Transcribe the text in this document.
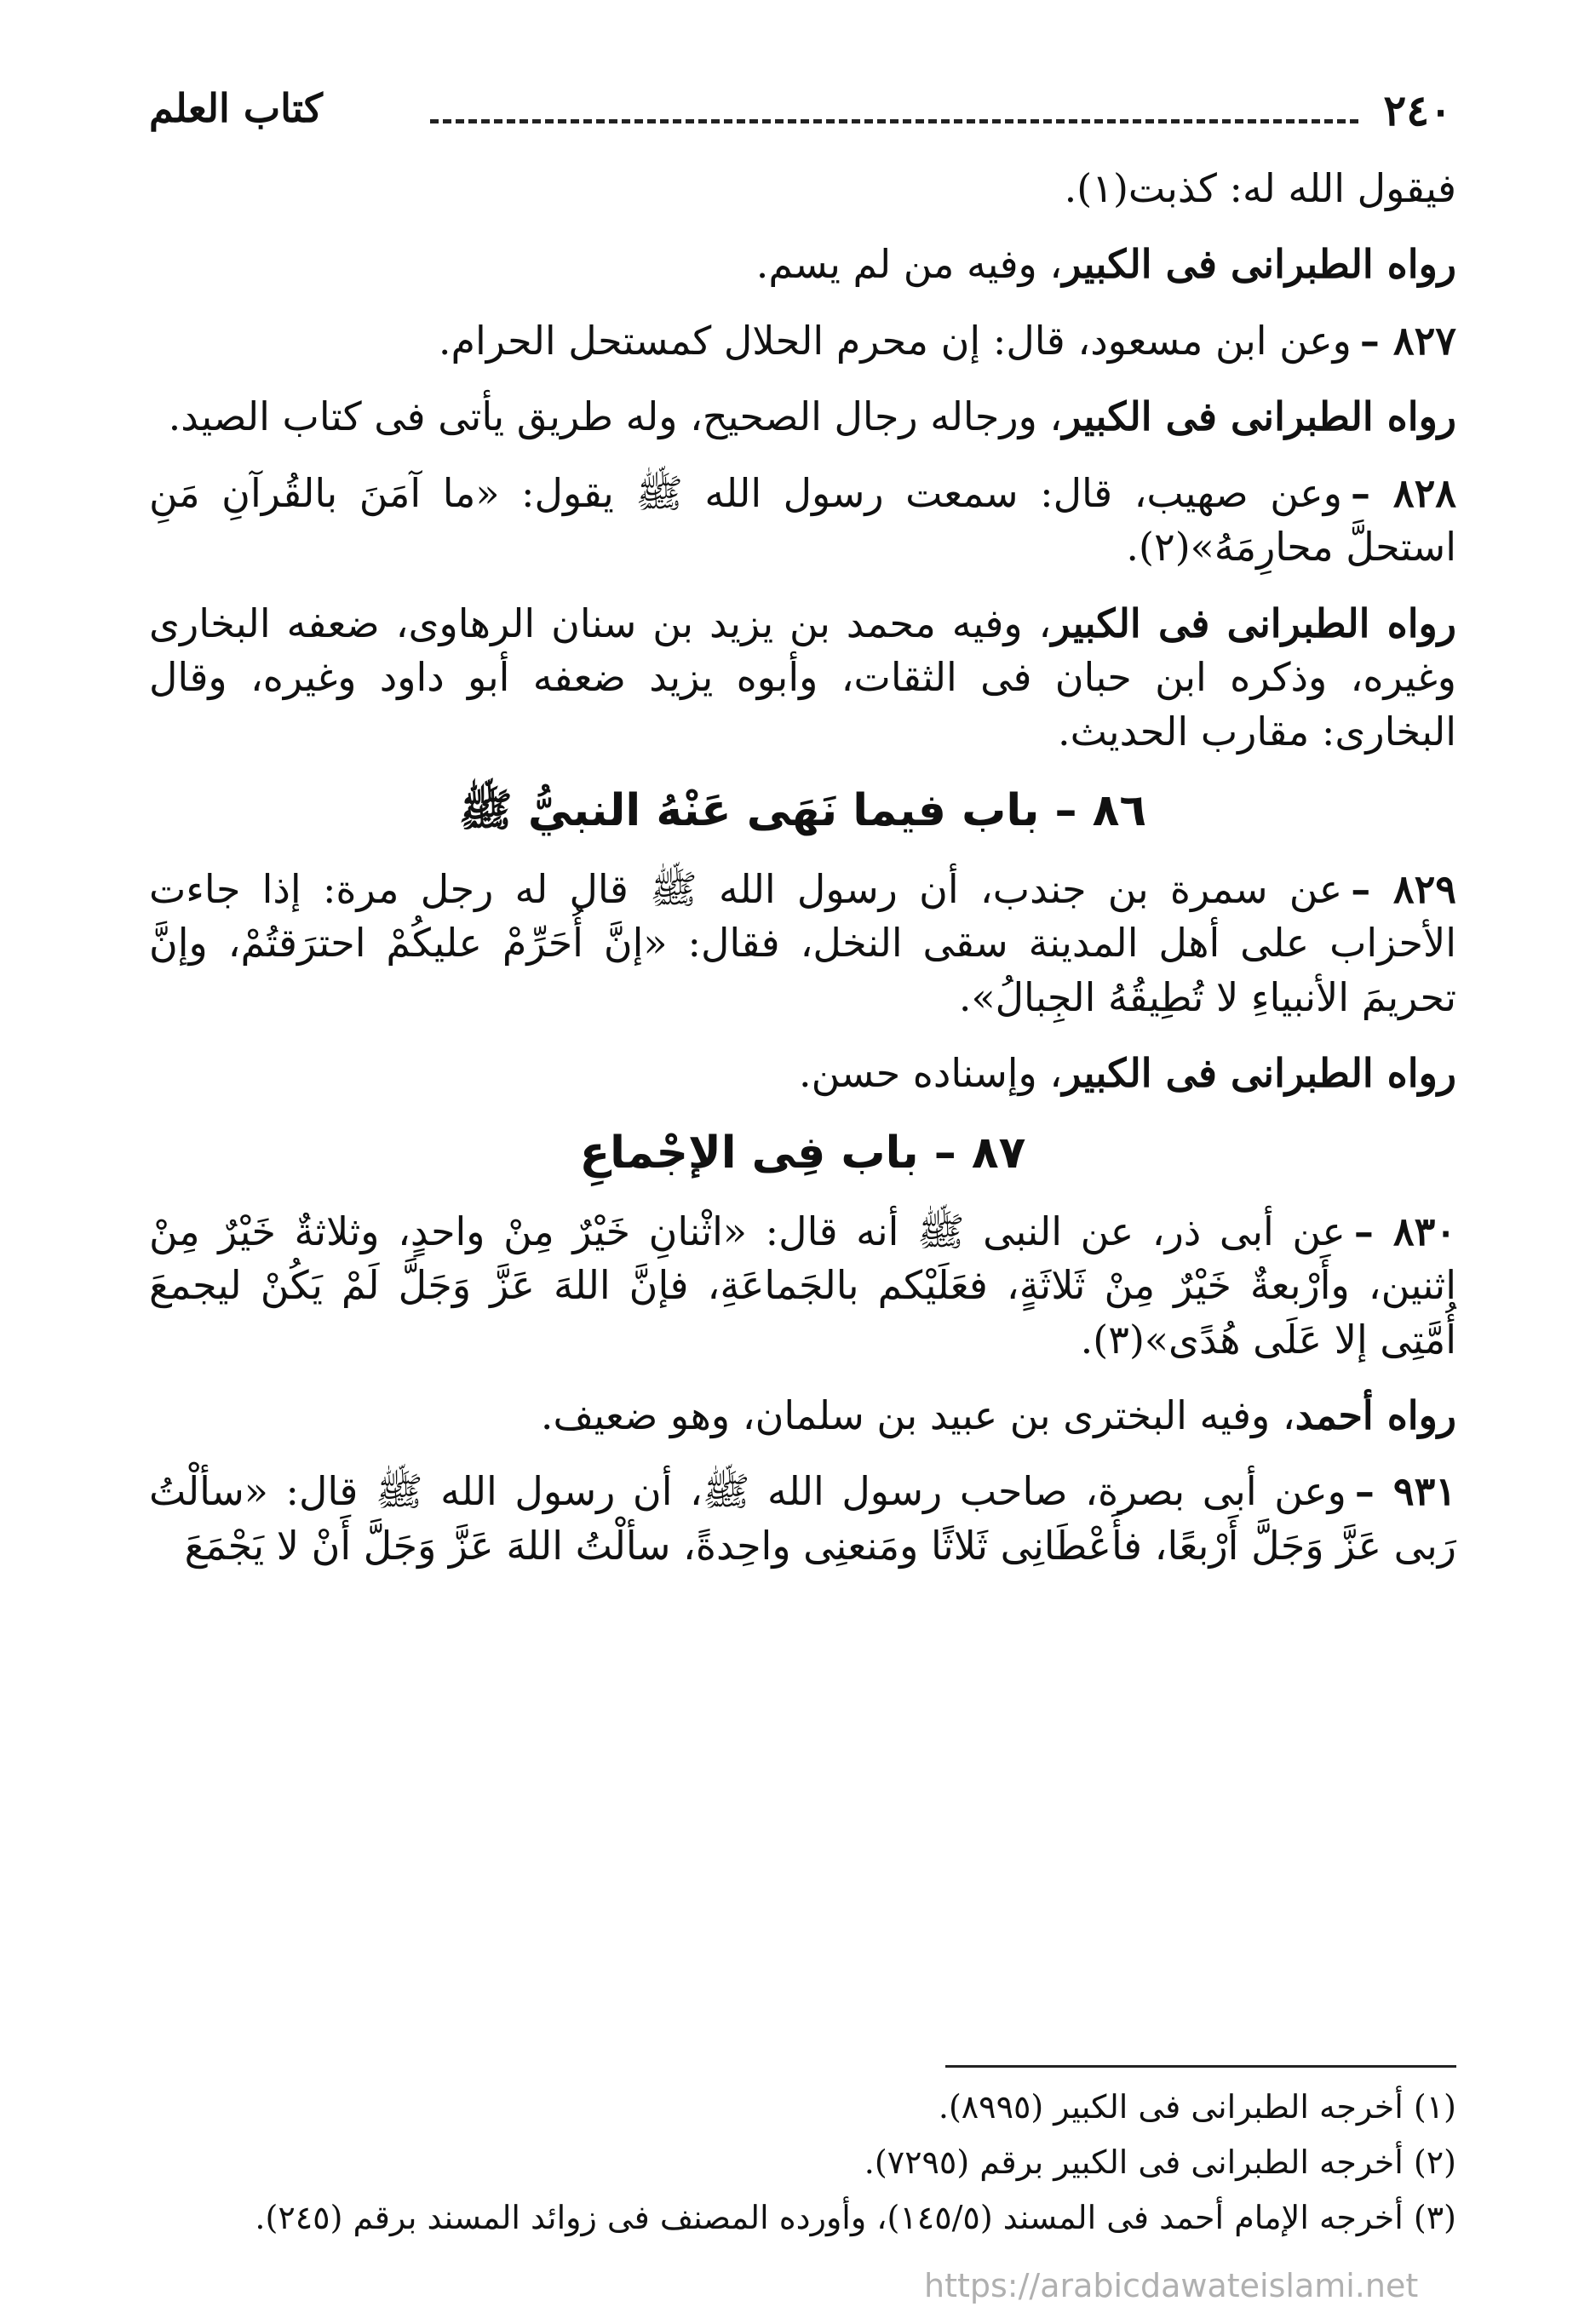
٢٤٠
كتاب العلم

فيقول الله له: كذبت(١).

رواه الطبرانى فى الكبير، وفيه من لم يسم.

٨٢٧ –وعن ابن مسعود، قال: إن محرم الحلال كمستحل الحرام.

رواه الطبرانى فى الكبير، ورجاله رجال الصحيح، وله طريق يأتى فى كتاب الصيد.

٨٢٨ –وعن صهيب، قال: سمعت رسول الله ﷺ يقول: «ما آمَنَ بالقُرآنِ مَنِ استحلَّ محارِمَهُ»(٢).

رواه الطبرانى فى الكبير، وفيه محمد بن يزيد بن سنان الرهاوى، ضعفه البخارى وغيره، وذكره ابن حبان فى الثقات، وأبوه يزيد ضعفه أبو داود وغيره، وقال البخارى: مقارب الحديث.

٨٦ – باب فيما نَهَى عَنْهُ النبيُّ ﷺ

٨٢٩ –عن سمرة بن جندب، أن رسول الله ﷺ قال له رجل مرة: إذا جاءت الأحزاب على أهل المدينة سقى النخل، فقال: «إنَّ أُحَرِّمْ عليكُمْ احترَقتُمْ، وإنَّ تحريمَ الأنبياءِ لا تُطِيقُهُ الجِبالُ».

رواه الطبرانى فى الكبير، وإسناده حسن.

٨٧ – باب فِى الإجْماعِ

٨٣٠ –عن أبى ذر، عن النبى ﷺ أنه قال: «اثْنانِ خَيْرٌ مِنْ واحدٍ، وثلاثةٌ خَيْرٌ مِنْ اثنين، وأَرْبعةٌ خَيْرٌ مِنْ ثَلاثَةٍ، فعَلَيْكم بالجَماعَةِ، فإنَّ اللهَ عَزَّ وَجَلَّ لَمْ يَكُنْ ليجمعَ أُمَّتِى إلا عَلَى هُدًى»(٣).

رواه أحمد، وفيه البخترى بن عبيد بن سلمان، وهو ضعيف.

٩٣١ –وعن أبى بصرة، صاحب رسول الله ﷺ، أن رسول الله ﷺ قال: «سألْتُ رَبى عَزَّ وَجَلَّ أَرْبعًا، فأَعْطَانِى ثَلاثًا ومَنعنِى واحِدةً، سألْتُ اللهَ عَزَّ وَجَلَّ أَنْ لا يَجْمَعَ

(١) أخرجه الطبرانى فى الكبير (٨٩٩٥).

(٢) أخرجه الطبرانى فى الكبير برقم (٧٢٩٥).

(٣) أخرجه الإمام أحمد فى المسند (١٤٥/٥)، وأورده المصنف فى زوائد المسند برقم (٢٤٥).

https://arabicdawateislami.net
